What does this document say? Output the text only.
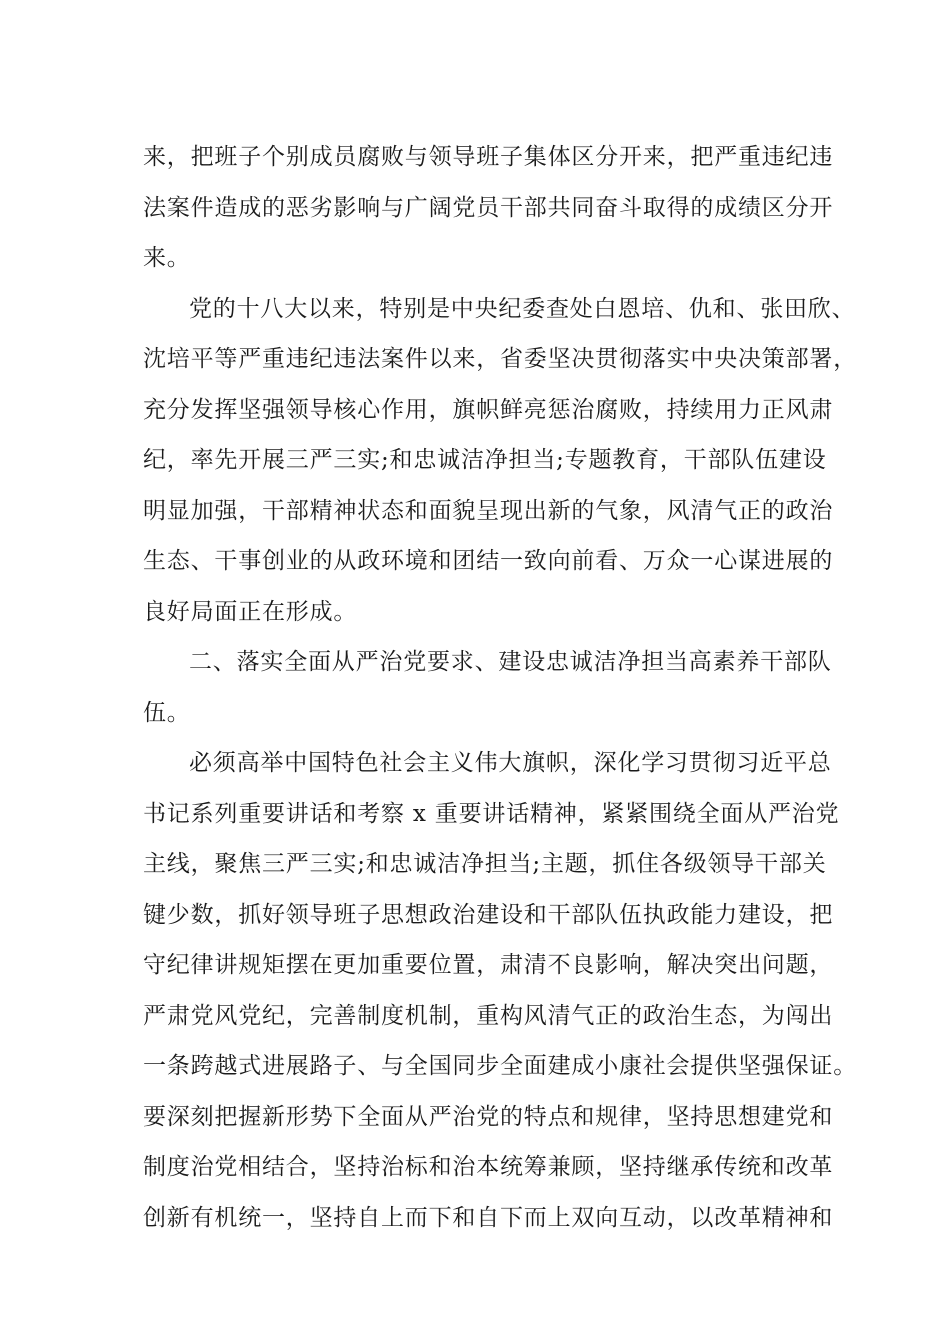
来，把班子个别成员腐败与领导班子集体区分开来，把严重违纪违
法案件造成的恶劣影响与广阔党员干部共同奋斗取得的成绩区分开
来。
党的十八大以来，特别是中央纪委查处白恩培、仇和、张田欣、
沈培平等严重违纪违法案件以来，省委坚决贯彻落实中央决策部署，
充分发挥坚强领导核心作用，旗帜鲜亮惩治腐败，持续用力正风肃
纪，率先开展三严三实;和忠诚洁净担当;专题教育，干部队伍建设
明显加强，干部精神状态和面貌呈现出新的气象，风清气正的政治
生态、干事创业的从政环境和团结一致向前看、万众一心谋进展的
良好局面正在形成。
二、落实全面从严治党要求、建设忠诚洁净担当高素养干部队
伍。
必须高举中国特色社会主义伟大旗帜，深化学习贯彻习近平总
书记系列重要讲话和考察 x 重要讲话精神，紧紧围绕全面从严治党
主线，聚焦三严三实;和忠诚洁净担当;主题，抓住各级领导干部关
键少数，抓好领导班子思想政治建设和干部队伍执政能力建设，把
守纪律讲规矩摆在更加重要位置，肃清不良影响，解决突出问题，
严肃党风党纪，完善制度机制，重构风清气正的政治生态，为闯出
一条跨越式进展路子、与全国同步全面建成小康社会提供坚强保证。
要深刻把握新形势下全面从严治党的特点和规律，坚持思想建党和
制度治党相结合，坚持治标和治本统筹兼顾，坚持继承传统和改革
创新有机统一，坚持自上而下和自下而上双向互动，以改革精神和
